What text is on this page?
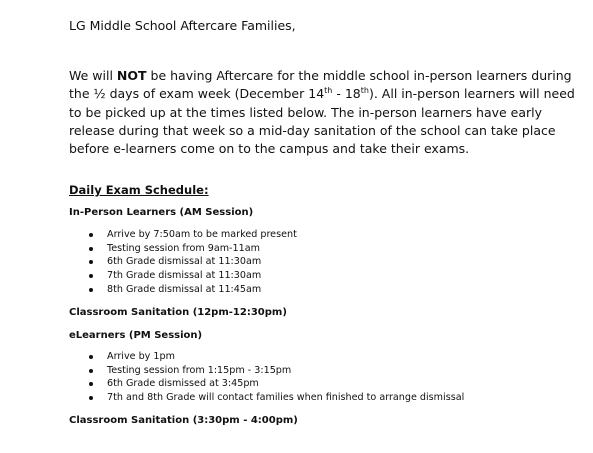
LG Middle School Aftercare Families,

We will NOT be having Aftercare for the middle school in-person learners during the ½ days of exam week (December 14th - 18th). All in-person learners will need to be picked up at the times listed below. The in-person learners have early release during that week so a mid-day sanitation of the school can take place before e-learners come on to the campus and take their exams.

Daily Exam Schedule:
In-Person Learners (AM Session)
Arrive by 7:50am to be marked present
Testing session from 9am-11am
6th Grade dismissal at 11:30am
7th Grade dismissal at 11:30am
8th Grade dismissal at 11:45am
Classroom Sanitation (12pm-12:30pm)
eLearners (PM Session)
Arrive by 1pm
Testing session from 1:15pm - 3:15pm
6th Grade dismissed at 3:45pm
7th and 8th Grade will contact families when finished to arrange dismissal
Classroom Sanitation (3:30pm - 4:00pm)
